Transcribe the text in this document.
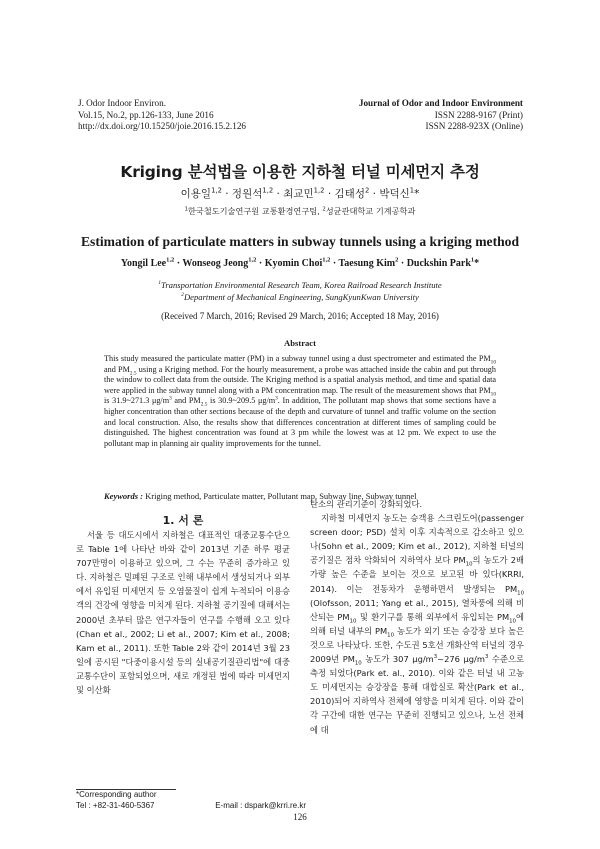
J. Odor Indoor Environ.
Vol.15, No.2, pp.126-133, June 2016
http://dx.doi.org/10.15250/joie.2016.15.2.126
Journal of Odor and Indoor Environment
ISSN 2288-9167 (Print)
ISSN 2288-923X (Online)
Kriging 분석법을 이용한 지하철 터널 미세먼지 추정
이용일$^{1,2}$ · 정원석$^{1,2}$ · 최교민$^{1,2}$ · 김태성$^2$ · 박덕신$^1$*
$^1$한국철도기술연구원 교통환경연구팀, $^2$성균관대학교 기계공학과
Estimation of particulate matters in subway tunnels using a kriging method
Yongil Lee$^{1,2}$ · Wonseog Jeong$^{1,2}$ · Kyomin Choi$^{1,2}$ · Taesung Kim$^2$ · Duckshin Park$^1$*
$^1$Transportation Environmental Research Team, Korea Railroad Research Institute
$^2$Department of Mechanical Engineering, SungKyunKwan University
(Received 7 March, 2016; Revised 29 March, 2016; Accepted 18 May, 2016)
Abstract
This study measured the particulate matter (PM) in a subway tunnel using a dust spectrometer and estimated the $PM_{10}$ and $PM_{2.5}$ using a Kriging method. For the hourly measurement, a probe was attached inside the cabin and put through the window to collect data from the outside. The Kriging method is a spatial analysis method, and time and spatial data were applied in the subway tunnel along with a PM concentration map. The result of the measurement shows that $PM_{10}$ is 31.9~271.3 $\mu g/m^3$ and $PM_{2.5}$ is 30.9~209.5 $\mu g/m^3$. In addition, The pollutant map shows that some sections have a higher concentration than other sections because of the depth and curvature of tunnel and traffic volume on the section and local construction. Also, the results show that differences concentration at different times of sampling could be distinguished. The highest concentration was found at 3 pm while the lowest was at 12 pm. We expect to use the pollutant map in planning air quality improvements for the tunnel.
Keywords : Kriging method, Particulate matter, Pollutant map, Subway line, Subway tunnel
1. 서 론

서울 등 대도시에서 지하철은 대표적인 대중교통수단으로 Table 1에 나타난 바와 같이 2013년 기준 하루 평균 707만명이 이용하고 있으며, 그 수는 꾸준히 증가하고 있다. 지하철은 밀폐된 구조로 인해 내부에서 생성되거나 외부에서 유입된 미세먼지 등 오염물질이 쉽게 누적되어 이용승객의 건강에 영향을 미치게 된다. 지하철 공기질에 대해서는 2000년 초부터 많은 연구자들이 연구를 수행해 오고 있다(Chan et al., 2002; Li et al., 2007; Kim et al., 2008; Kam et al., 2011). 또한 Table 2와 같이 2014년 3월 23일에 공시된 "다중이용시설 등의 실내공기질관리법"에 대중교통수단이 포함되었으며, 새로 개정된 법에 따라 미세먼지 및 이산화

탄소의 관리기준이 강화되었다.

지하철 미세먼지 농도는 승객용 스크린도어(passenger screen door; PSD) 설치 이후 지속적으로 감소하고 있으나(Sohn et al., 2009; Kim et al., 2012), 지하철 터널의 공기질은 점차 악화되어 지하역사 보다 $PM_{10}$의 농도가 2배가량 높은 수준을 보이는 것으로 보고된 바 있다(KRRI, 2014). 이는 전동차가 운행하면서 발생되는 $PM_{10}$ (Olofsson, 2011; Yang et al., 2015), 열차풍에 의해 비산되는 $PM_{10}$ 및 환기구를 통해 외부에서 유입되는 $PM_{10}$에 의해 터널 내부의 $PM_{10}$ 농도가 외기 또는 승강장 보다 높은 것으로 나타났다. 또한, 수도권 5호선 개화산역 터널의 경우 2009년 $PM_{10}$ 농도가 307 $\mu g/m^3\sim 276$ $\mu g/m^3$ 수준으로 측정 되었다(Park et. al., 2010). 이와 같은 터널 내 고농도 미세먼지는 승강장을 통해 대합실로 확산(Park et al., 2010)되어 지하역사 전체에 영향을 미치게 된다. 이와 같이 각 구간에 대한 연구는 꾸준히 진행되고 있으나, 노선 전체에 대

*Corresponding author
Tel : +82-31-460-5367	E-mail : dspark@krri.re.kr
126
